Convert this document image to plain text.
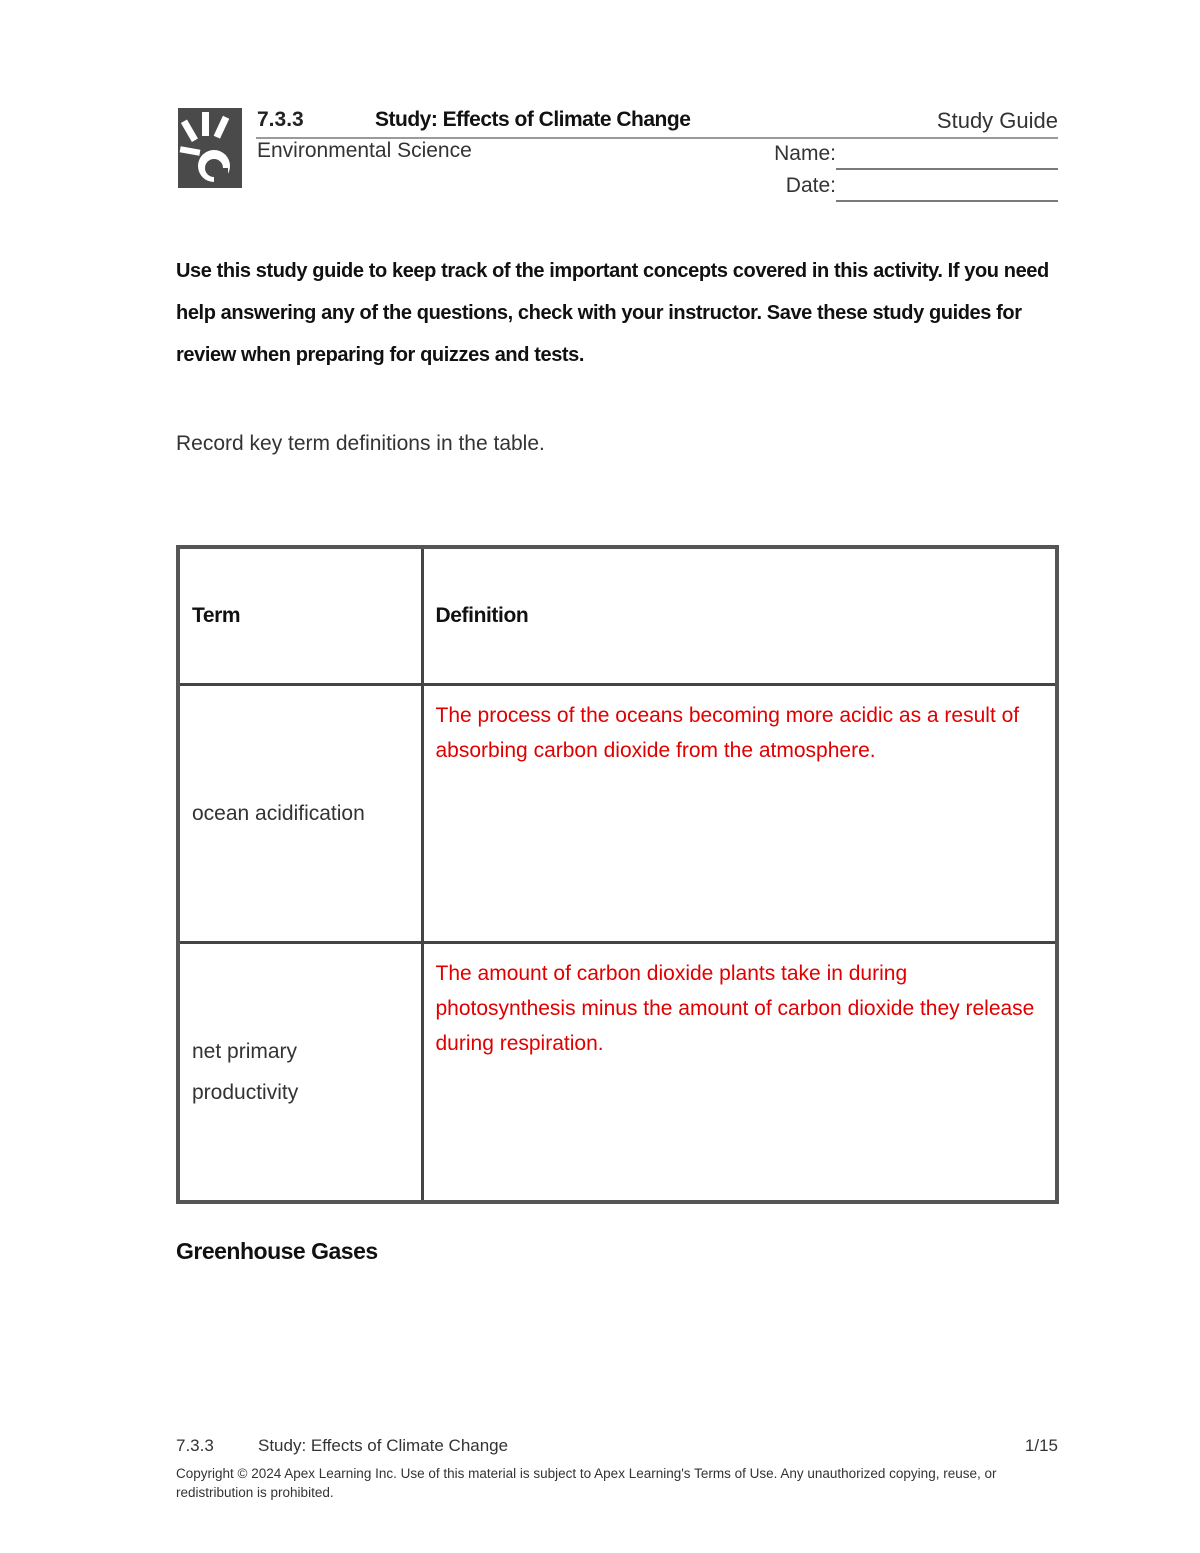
7.3.3	Study: Effects of Climate Change	Study Guide
Environmental Science	Name:
Date:
Use this study guide to keep track of the important concepts covered in this activity. If you need help answering any of the questions, check with your instructor. Save these study guides for review when preparing for quizzes and tests.
Record key term definitions in the table.
Term	Definition

ocean acidification	The process of the oceans becoming more acidic as a result of absorbing carbon dioxide from the atmosphere.

net primary productivity	The amount of carbon dioxide plants take in during photosynthesis minus the amount of carbon dioxide they release during respiration.
Greenhouse Gases
7.3.3	Study: Effects of Climate Change	1/15
Copyright © 2024 Apex Learning Inc. Use of this material is subject to Apex Learning's Terms of Use. Any unauthorized copying, reuse, or redistribution is prohibited.
